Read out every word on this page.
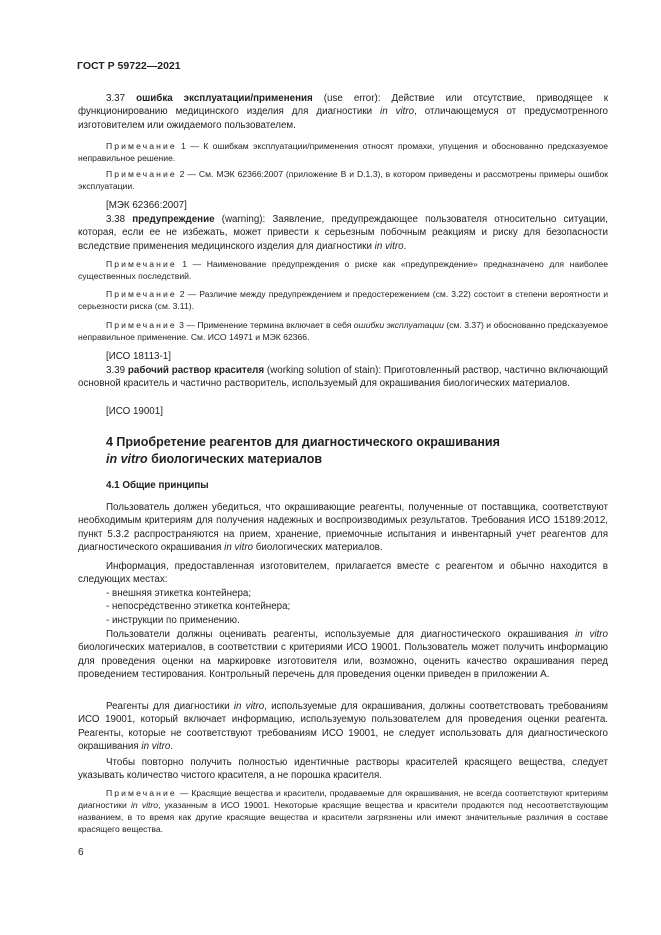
ГОСТ Р 59722—2021

3.37 ошибка эксплуатации/применения (use error): Действие или отсутствие, приводящее к функционированию медицинского изделия для диагностики in vitro, отличающемуся от предусмотренного изготовителем или ожидаемого пользователем.

Примечание 1 — К ошибкам эксплуатации/применения относят промахи, упущения и обоснованно предсказуемое неправильное решение.

Примечание 2 — См. МЭК 62366:2007 (приложение В и D.1.3), в котором приведены и рассмотрены примеры ошибок эксплуатации.

[МЭК 62366:2007]

3.38 предупреждение (warning): Заявление, предупреждающее пользователя относительно ситуации, которая, если ее не избежать, может привести к серьезным побочным реакциям и риску для безопасности вследствие применения медицинского изделия для диагностики in vitro.

Примечание 1 — Наименование предупреждения о риске как «предупреждение» предназначено для наиболее существенных последствий.

Примечание 2 — Различие между предупреждением и предостережением (см. 3.22) состоит в степени вероятности и серьезности риска (см. 3.11).

Примечание 3 — Применение термина включает в себя ошибки эксплуатации (см. 3.37) и обоснованно предсказуемое неправильное применение. См. ИСО 14971 и МЭК 62366.

[ИСО 18113-1]

3.39 рабочий раствор красителя (working solution of stain): Приготовленный раствор, частично включающий основной краситель и частично растворитель, используемый для окрашивания биологических материалов.

[ИСО 19001]

4 Приобретение реагентов для диагностического окрашивания
in vitro биологических материалов

4.1 Общие принципы

Пользователь должен убедиться, что окрашивающие реагенты, полученные от поставщика, соответствуют необходимым критериям для получения надежных и воспроизводимых результатов. Требования ИСО 15189:2012, пункт 5.3.2 распространяются на прием, хранение, приемочные испытания и инвентарный учет реагентов для диагностического окрашивания in vitro биологических материалов.

Информация, предоставленная изготовителем, прилагается вместе с реагентом и обычно находится в следующих местах:

- внешняя этикетка контейнера;

- непосредственно этикетка контейнера;

- инструкции по применению.

Пользователи должны оценивать реагенты, используемые для диагностического окрашивания in vitro биологических материалов, в соответствии с критериями ИСО 19001. Пользователь может получить информацию для проведения оценки на маркировке изготовителя или, возможно, оценить качество окрашивания перед проведением тестирования. Контрольный перечень для проведения оценки приведен в приложении А.

Реагенты для диагностики in vitro, используемые для окрашивания, должны соответствовать требованиям ИСО 19001, который включает информацию, используемую пользователем для проведения оценки реагента. Реагенты, которые не соответствуют требованиям ИСО 19001, не следует использовать для диагностического окрашивания in vitro.

Чтобы повторно получить полностью идентичные растворы красителей красящего вещества, следует указывать количество чистого красителя, а не порошка красителя.

Примечание — Красящие вещества и красители, продаваемые для окрашивания, не всегда соответствуют критериям диагностики in vitro, указанным в ИСО 19001. Некоторые красящие вещества и красители продаются под несоответствующим названием, в то время как другие красящие вещества и красители загрязнены или имеют значительные различия в составе красящего вещества.

6
